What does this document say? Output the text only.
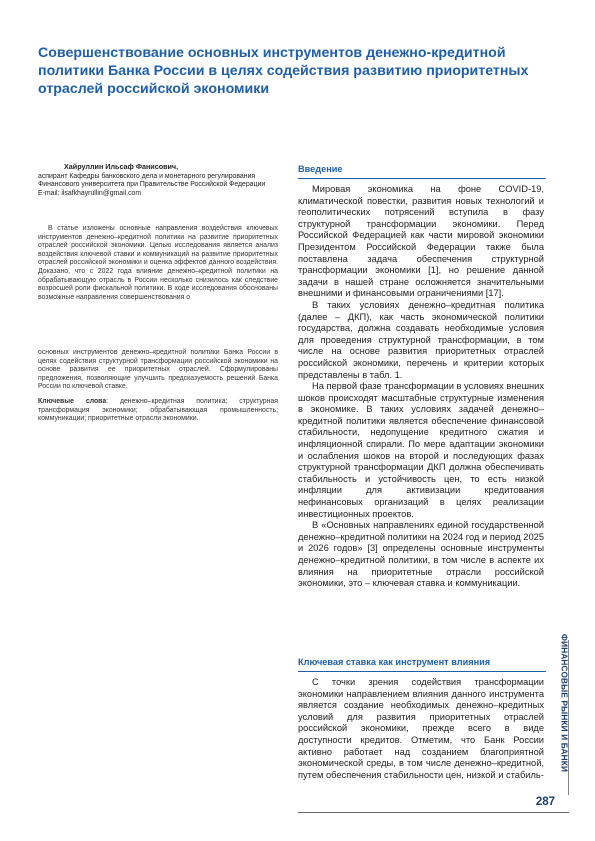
Совершенствование основных инструментов денежно-кредитной политики Банка России в целях содействия развитию приоритетных отраслей российской экономики
Хайруллин Ильсаф Фанисович,
аспирант Кафедры банковского дела и монетарного регулирования Финансового университета при Правительстве Российской Федерации
E-mail: ilsafkhayrullin@gmail.com

В статье изложены основные направления воздействия ключевых инструментов денежно–кредитной политики на развитие приоритетных отраслей российской экономики. Целью исследования является анализ воздействия ключевой ставки и коммуникаций на развитие приоритетных отраслей российской экономики и оценка эффектов данного воздействия. Доказано, что с 2022 года влияние денежно–кредитной политики на обрабатывающую отрасль в России несколько снизилось как следствие возросшей роли фискальной политики. В ходе исследования обоснованы возможные направления совершенствования о

основных инструментов денежно–кредитной политики Банка России в целях содействия структурной трансформации российской экономики на основе развития ее приоритетных отраслей. Сформулированы предложения, позволяющие улучшить предсказуемость решений Банка России по ключевой ставке.

Ключевые слова: денежно–кредитная политика; структурная трансформация экономики; обрабатывающая промышленность; коммуникации; приоритетные отрасли экономики.

Введение

Мировая экономика на фоне COVID-19, климатической повестки, развития новых технологий и геополитических потрясений вступила в фазу структурной трансформации экономики. Перед Российской Федерацией как части мировой экономики Президентом Российской Федерации также была поставлена задача обеспечения структурной трансформации экономики [1], но решение данной задачи в нашей стране осложняется значительными внешними и финансовыми ограничениями [17].

В таких условиях денежно–кредитная политика (далее – ДКП), как часть экономической политики государства, должна создавать необходимые условия для проведения структурной трансформации, в том числе на основе развития приоритетных отраслей российской экономики, перечень и критерии которых представлены в табл. 1.

На первой фазе трансформации в условиях внешних шоков происходят масштабные структурные изменения в экономике. В таких условиях задачей денежно–кредитной политики является обеспечение финансовой стабильности, недопущение кредитного сжатия и инфляционной спирали. По мере адаптации экономики и ослабления шоков на второй и последующих фазах структурной трансформации ДКП должна обеспечивать стабильность и устойчивость цен, то есть низкой инфляции для активизации кредитования нефинансовых организаций в целях реализации инвестиционных проектов.

В «Основных направлениях единой государственной денежно–кредитной политики на 2024 год и период 2025 и 2026 годов» [3] определены основные инструменты денежно–кредитной политики, в том числе в аспекте их влияния на приоритетные отрасли российской экономики, это – ключевая ставка и коммуникации.

Ключевая ставка как инструмент влияния

С точки зрения содействия трансформации экономики направлением влияния данного инструмента является создание необходимых денежно–кредитных условий для развития приоритетных отраслей российской экономики, прежде всего в виде доступности кредитов. Отметим, что Банк России активно работает над созданием благоприятной экономической среды, в том числе денежно–кредитной, путем обеспечения стабильности цен, низкой и стабиль-

ФИНАНСОВЫЕ РЫНКИ И БАНКИ
287
